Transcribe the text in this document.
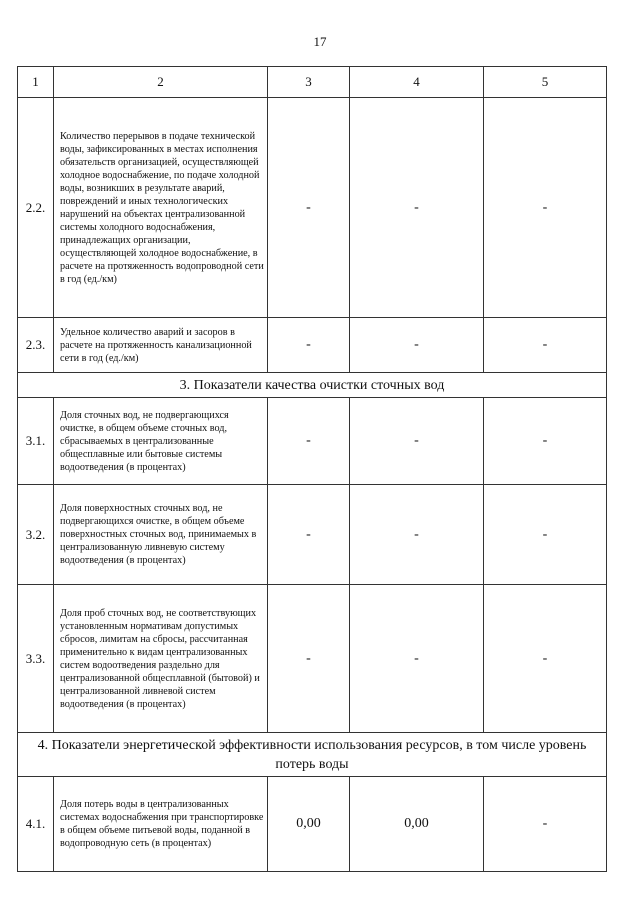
17
1	2	3	4	5
2.2.	Количество перерывов в подаче технической воды, зафиксированных в местах исполнения обязательств организацией, осуществляющей холодное водоснабжение, по подаче холодной воды, возникших в результате аварий, повреждений и иных технологических нарушений на объектах централизованной системы холодного водоснабжения, принадлежащих организации, осуществляющей холодное водоснабжение, в расчете на протяженность водопроводной сети в год (ед./км)	-	-	-
2.3.	Удельное количество аварий и засоров в расчете на протяженность канализационной сети в год (ед./км)	-	-	-
3. Показатели качества очистки сточных вод				
3.1.	Доля сточных вод, не подвергающихся очистке, в общем объеме сточных вод, сбрасываемых в централизованные общесплавные или бытовые системы водоотведения (в процентах)	-	-	-
3.2.	Доля поверхностных сточных вод, не подвергающихся очистке, в общем объеме поверхностных сточных вод, принимаемых в централизованную ливневую систему водоотведения (в процентах)	-	-	-
3.3.	Доля проб сточных вод, не соответствующих установленным нормативам допустимых сбросов, лимитам на сбросы, рассчитанная применительно к видам централизованных систем водоотведения раздельно для централизованной общесплавной (бытовой) и централизованной ливневой систем водоотведения (в процентах)	-	-	-
4. Показатели энергетической эффективности использования ресурсов, в том числе уровень потерь воды				
4.1.	Доля потерь воды в централизованных системах водоснабжения при транспортировке в общем объеме питьевой воды, поданной в водопроводную сеть (в процентах)	0,00	0,00	-
